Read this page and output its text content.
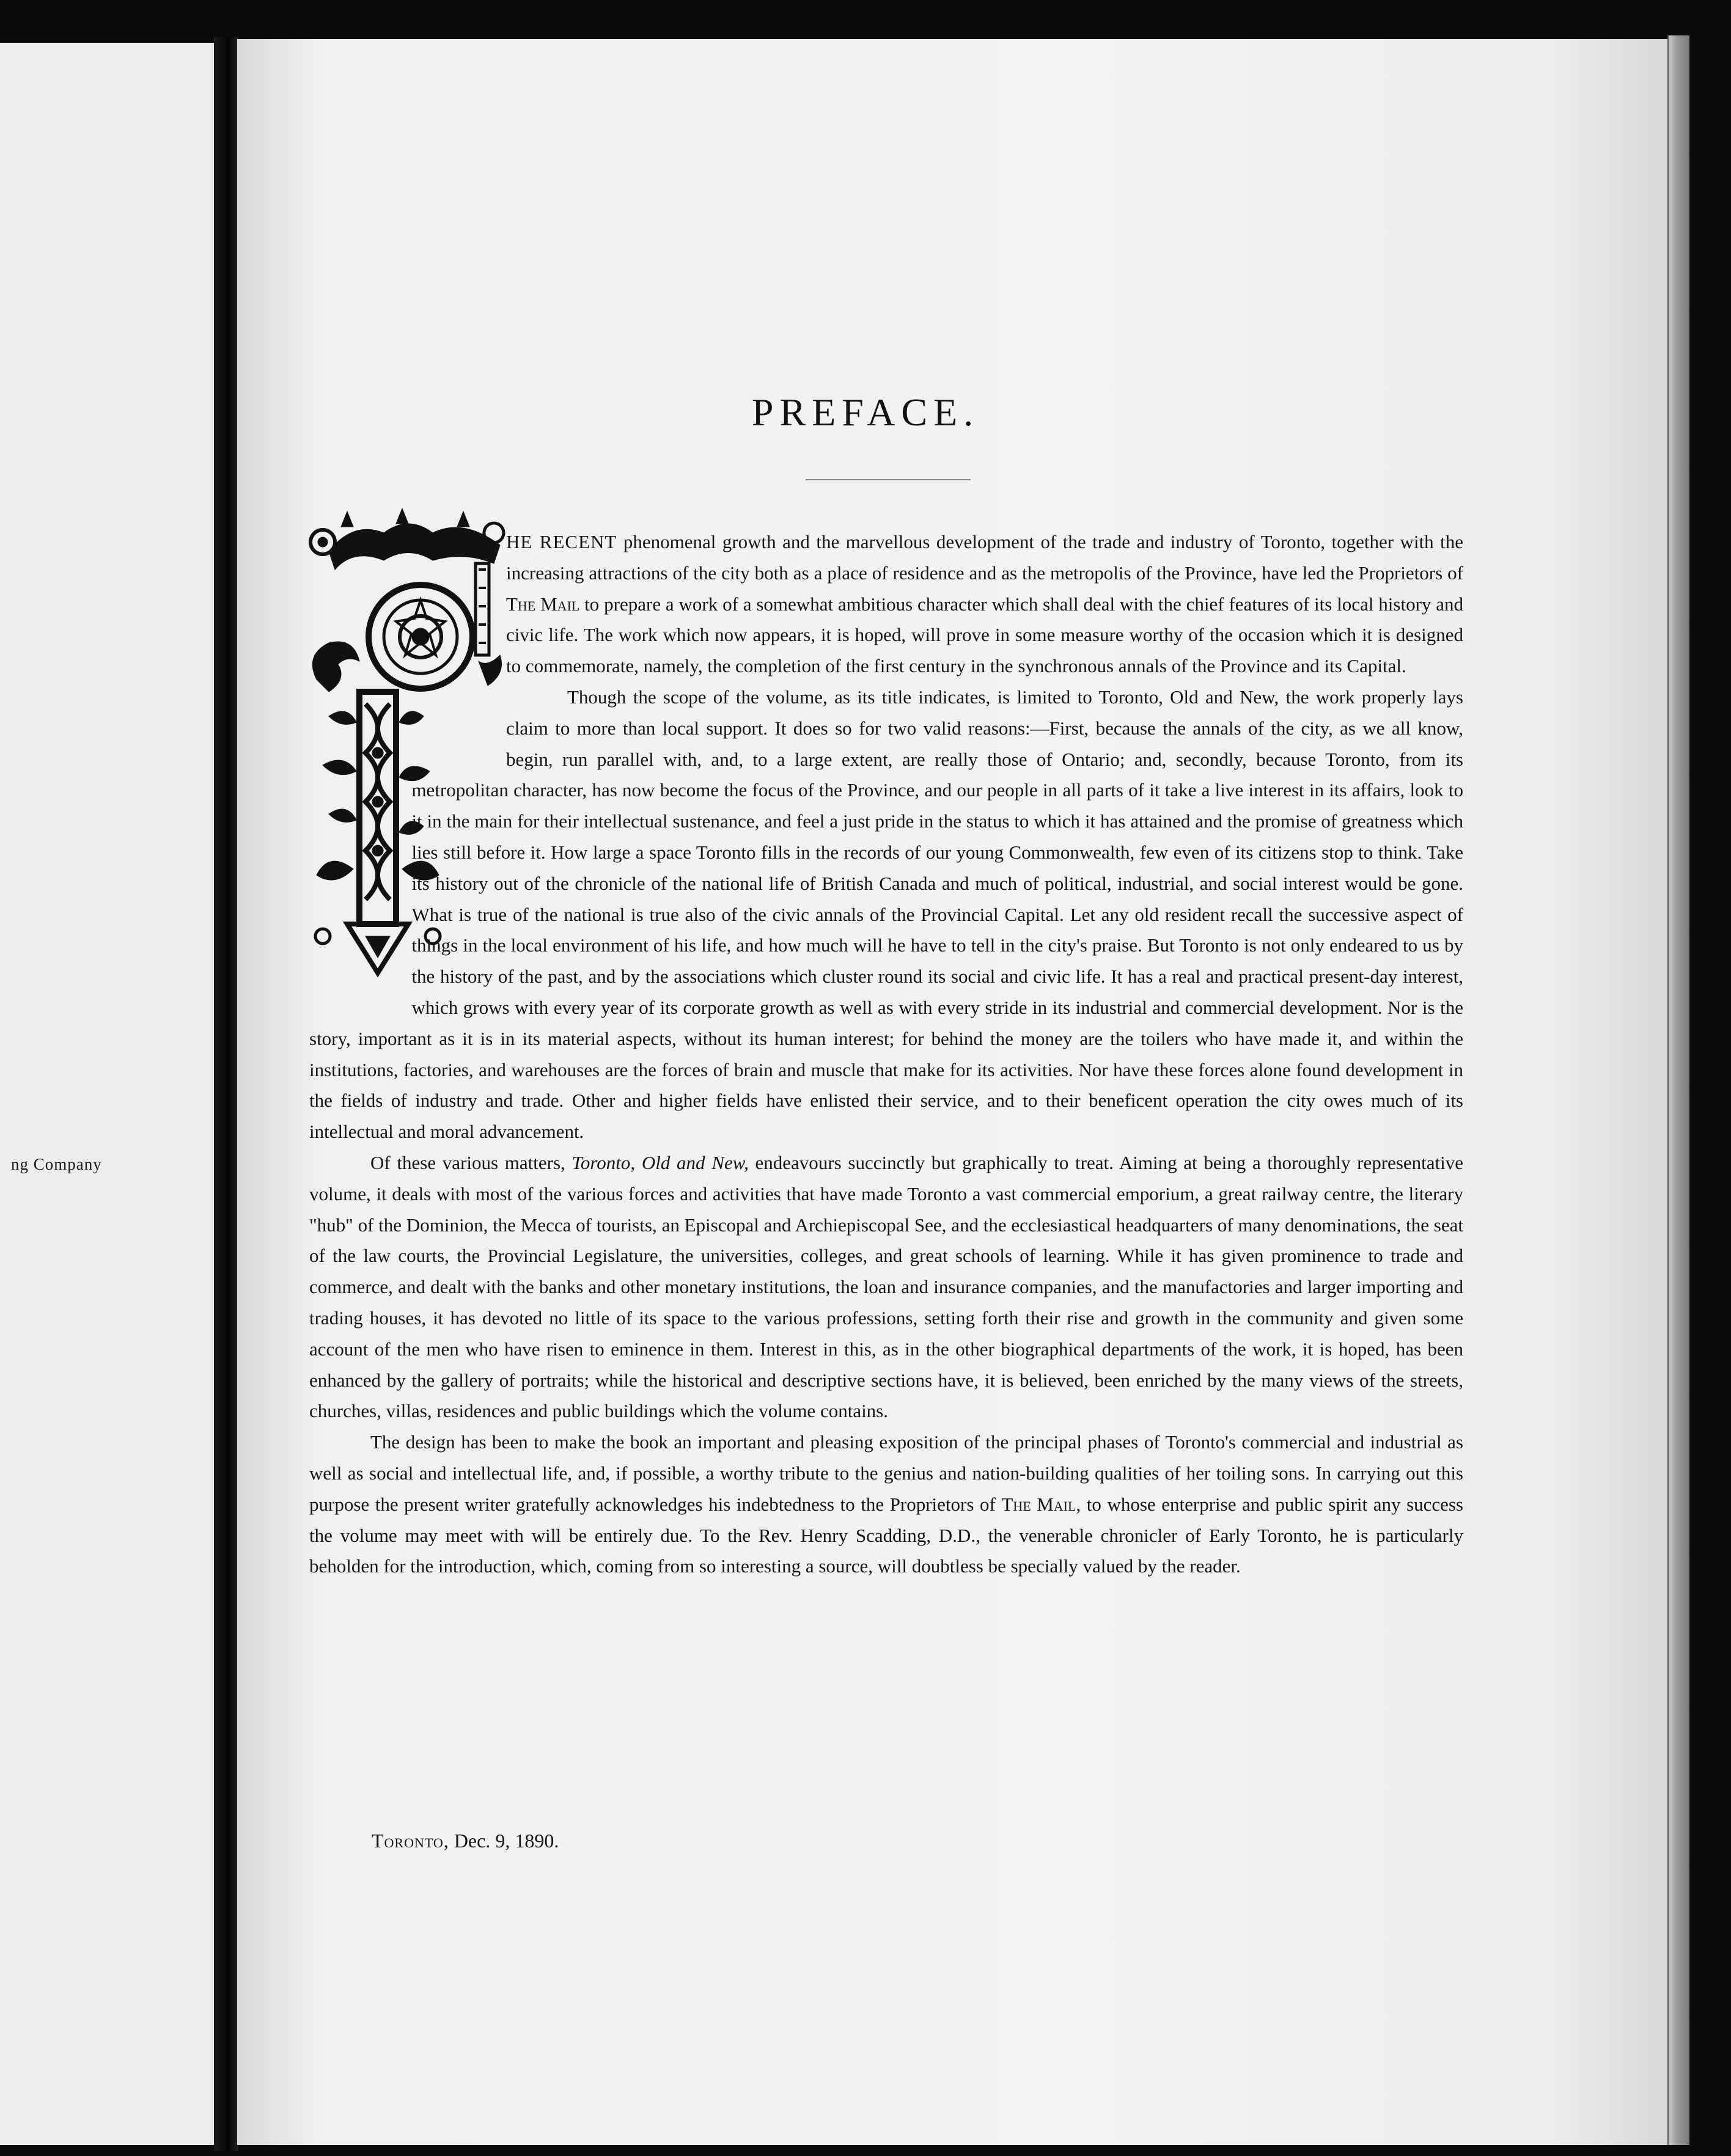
ng Company
PREFACE.

HE RECENT phenomenal growth and the marvellous development of the trade and industry of Toronto, together with the increasing attractions of the city both as a place of residence and as the metropolis of the Province, have led the Proprietors of The Mail to prepare a work of a somewhat ambitious character which shall deal with the chief features of its local history and civic life. The work which now appears, it is hoped, will prove in some measure worthy of the occasion which it is designed to commemorate, namely, the completion of the first century in the synchronous annals of the Province and its Capital.

Though the scope of the volume, as its title indicates, is limited to Toronto, Old and New, the work properly lays claim to more than local support. It does so for two valid reasons:—First, because the annals of the city, as we all know, begin, run parallel with, and, to a large extent, are really those of Ontario; and, secondly, because Toronto, from its metropolitan character, has now become the focus of the Province, and our people in all parts of it take a live interest in its affairs, look to it in the main for their intellectual sustenance, and feel a just pride in the status to which it has attained and the promise of greatness which lies still before it. How large a space Toronto fills in the records of our young Commonwealth, few even of its citizens stop to think. Take its history out of the chronicle of the national life of British Canada and much of political, industrial, and social interest would be gone. What is true of the national is true also of the civic annals of the Provincial Capital. Let any old resident recall the successive aspect of things in the local environment of his life, and how much will he have to tell in the city's praise. But Toronto is not only endeared to us by the history of the past, and by the associations which cluster round its social and civic life. It has a real and practical present-day interest, which grows with every year of its corporate growth as well as with every stride in its industrial and commercial development. Nor is the story, important as it is in its material aspects, without its human interest; for behind the money are the toilers who have made it, and within the institutions, factories, and warehouses are the forces of brain and muscle that make for its activities. Nor have these forces alone found development in the fields of industry and trade. Other and higher fields have enlisted their service, and to their beneficent operation the city owes much of its intellectual and moral advancement.

Of these various matters, Toronto, Old and New, endeavours succinctly but graphically to treat. Aiming at being a thoroughly representative volume, it deals with most of the various forces and activities that have made Toronto a vast commercial emporium, a great railway centre, the literary "hub" of the Dominion, the Mecca of tourists, an Episcopal and Archiepiscopal See, and the ecclesiastical headquarters of many denominations, the seat of the law courts, the Provincial Legislature, the universities, colleges, and great schools of learning. While it has given prominence to trade and commerce, and dealt with the banks and other monetary institutions, the loan and insurance companies, and the manufactories and larger importing and trading houses, it has devoted no little of its space to the various professions, setting forth their rise and growth in the community and given some account of the men who have risen to eminence in them. Interest in this, as in the other biographical departments of the work, it is hoped, has been enhanced by the gallery of portraits; while the historical and descriptive sections have, it is believed, been enriched by the many views of the streets, churches, villas, residences and public buildings which the volume contains.

The design has been to make the book an important and pleasing exposition of the principal phases of Toronto's commercial and industrial as well as social and intellectual life, and, if possible, a worthy tribute to the genius and nation-building qualities of her toiling sons. In carrying out this purpose the present writer gratefully acknowledges his indebtedness to the Proprietors of The Mail, to whose enterprise and public spirit any success the volume may meet with will be entirely due. To the Rev. Henry Scadding, D.D., the venerable chronicler of Early Toronto, he is particularly beholden for the introduction, which, coming from so interesting a source, will doubtless be specially valued by the reader.

Toronto, Dec. 9, 1890.
